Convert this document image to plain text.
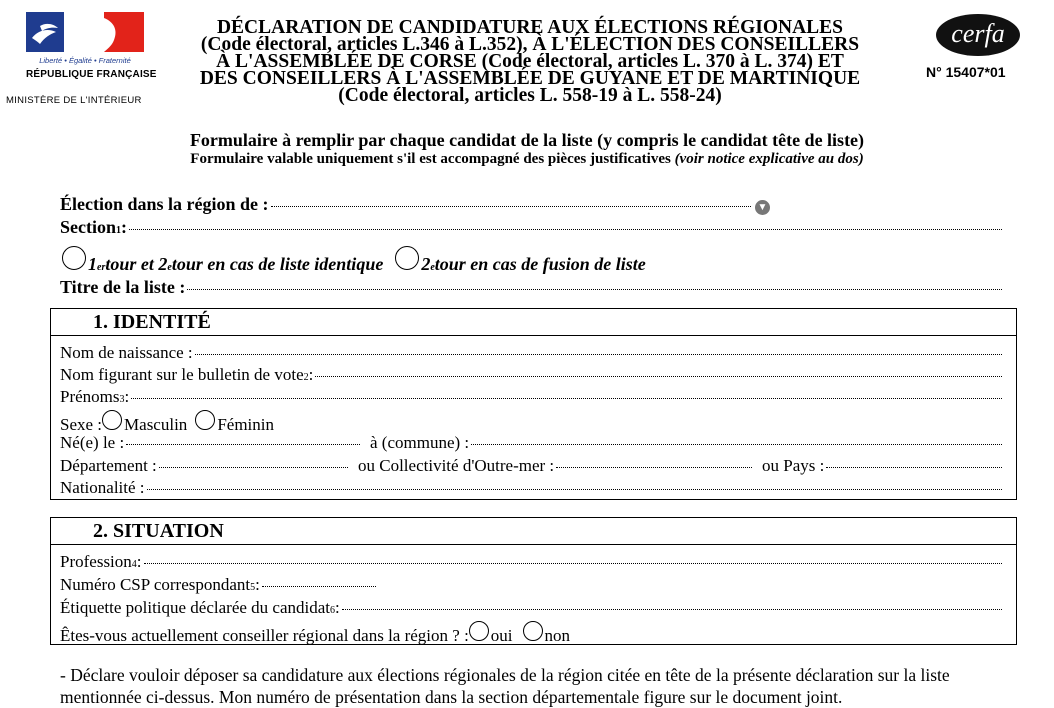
Liberté • Égalité • Fraternité
RÉPUBLIQUE FRANÇAISE
MINISTÈRE DE L'INTÉRIEUR
DÉCLARATION DE CANDIDATURE AUX ÉLECTIONS RÉGIONALES
(Code électoral, articles L.346 à L.352), À L'ÉLECTION DES CONSEILLERS
À L'ASSEMBLÉE DE CORSE (Code électoral, articles L. 370 à L. 374) ET
DES CONSEILLERS À L'ASSEMBLÉE DE GUYANE ET DE MARTINIQUE
(Code électoral, articles L. 558-19 à L. 558-24)
cerfa
N° 15407*01
Formulaire à remplir par chaque candidat de la liste (y compris le candidat tête de liste)
Formulaire valable uniquement s'il est accompagné des pièces justificatives (voir notice explicative au dos)
Élection dans la région de :	▼
Section 1 :
1 er tour et 2 e tour en cas de liste identique 2 e tour en cas de fusion de liste
Titre de la liste :
1. IDENTITÉ
Nom de naissance :
Nom figurant sur le bulletin de vote 2 :
Prénoms 3 :
Sexe : Masculin Féminin
Né(e) le :	à (commune) :
Département :	ou Collectivité d'Outre-mer :	ou Pays :
Nationalité :
2. SITUATION
Profession 4 :
Numéro CSP correspondant 5 :
Étiquette politique déclarée du candidat 6 :
Êtes-vous actuellement conseiller régional dans la région ? : oui non
- Déclare vouloir déposer sa candidature aux élections régionales de la région citée en tête de la présente déclaration sur la liste mentionnée ci-dessus. Mon numéro de présentation dans la section départementale figure sur le document joint.
